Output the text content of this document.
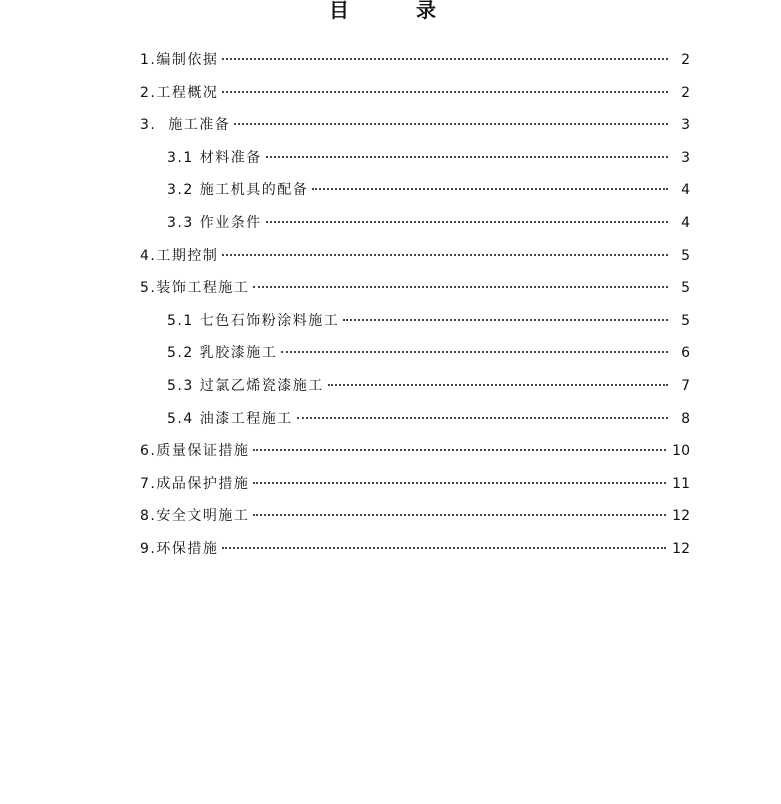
目 录
1.编制依据	2
2.工程概况	2
3.  施工准备	3
3.1 材料准备	3
3.2 施工机具的配备	4
3.3 作业条件	4
4.工期控制	5
5.装饰工程施工	5
5.1 七色石饰粉涂料施工	5
5.2 乳胶漆施工	6
5.3 过氯乙烯瓷漆施工	7
5.4 油漆工程施工	8
6.质量保证措施	10
7.成品保护措施	11
8.安全文明施工	12
9.环保措施	12
